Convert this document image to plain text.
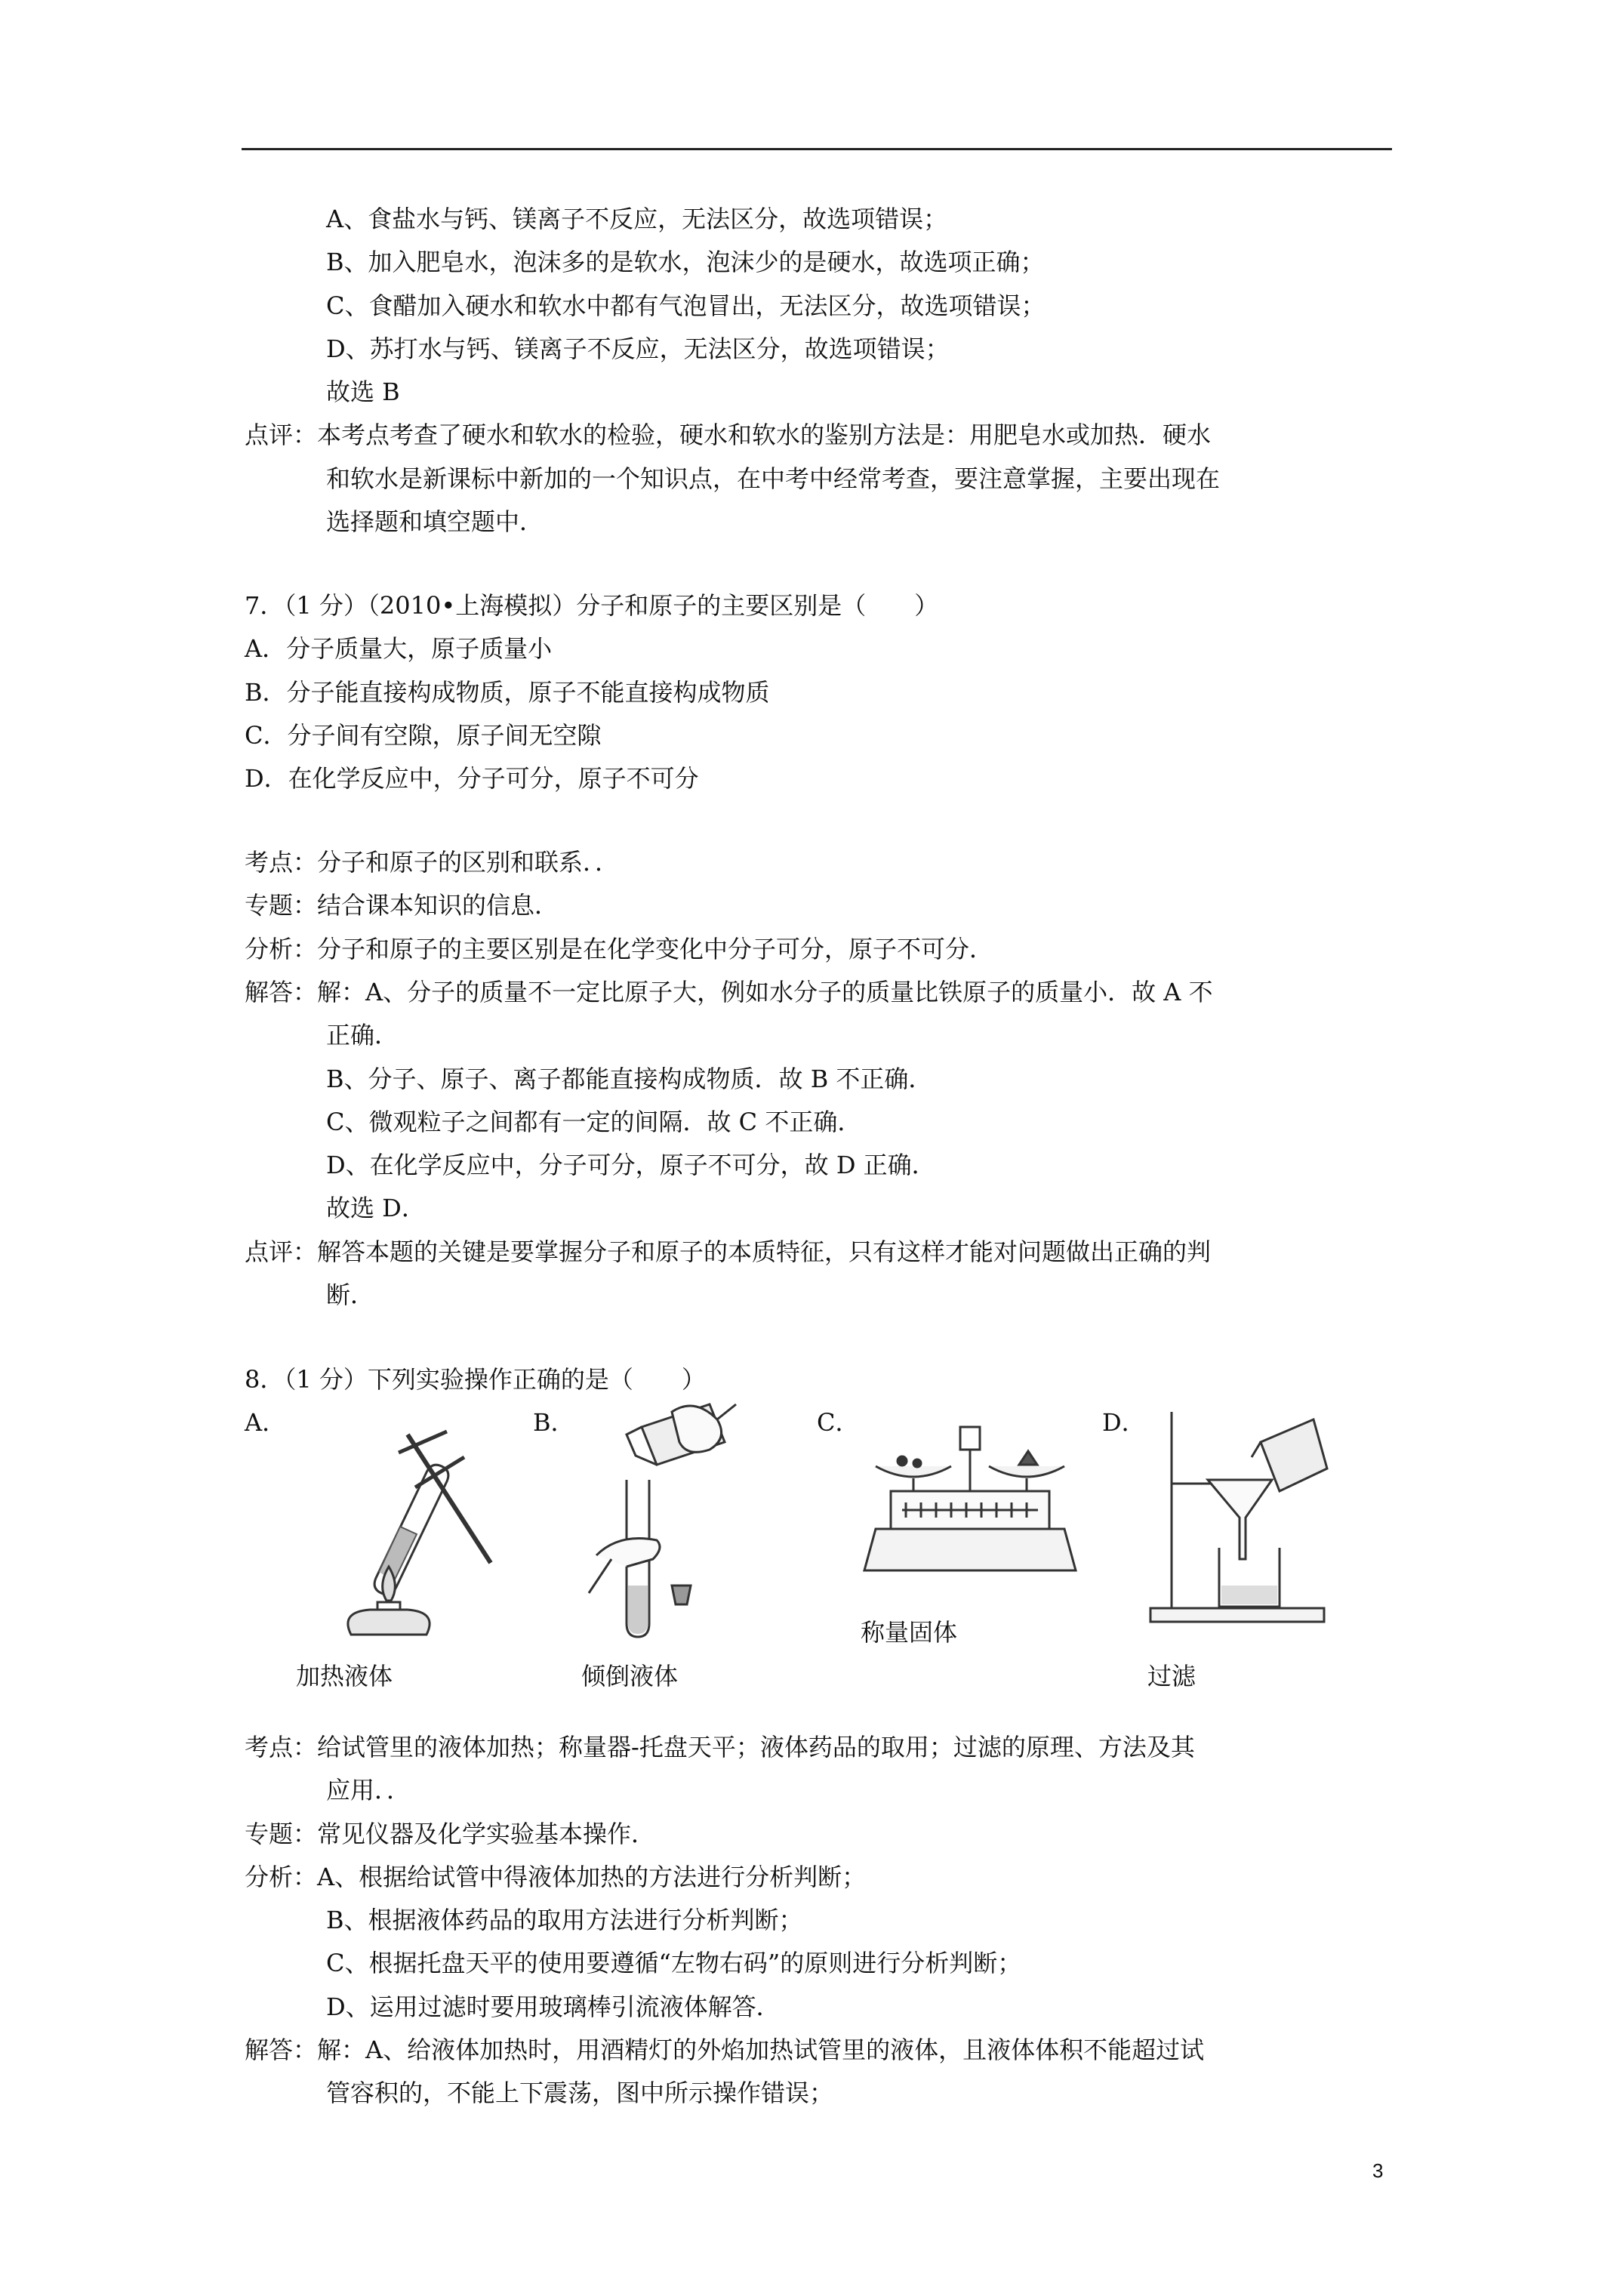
A、食盐水与钙、镁离子不反应，无法区分，故选项错误；
B、加入肥皂水，泡沫多的是软水，泡沫少的是硬水，故选项正确；
C、食醋加入硬水和软水中都有气泡冒出，无法区分，故选项错误；
D、苏打水与钙、镁离子不反应，无法区分，故选项错误；
故选 B
点评：本考点考查了硬水和软水的检验，硬水和软水的鉴别方法是：用肥皂水或加热．硬水
和软水是新课标中新加的一个知识点，在中考中经常考查，要注意掌握，主要出现在
选择题和填空题中．
7．（1 分）（2010•上海模拟）分子和原子的主要区别是（　　）
A．分子质量大，原子质量小
B．分子能直接构成物质，原子不能直接构成物质
C．分子间有空隙，原子间无空隙
D．在化学反应中，分子可分，原子不可分
考点：分子和原子的区别和联系．．
专题：结合课本知识的信息．
分析：分子和原子的主要区别是在化学变化中分子可分，原子不可分．
解答：解：A、分子的质量不一定比原子大，例如水分子的质量比铁原子的质量小．故 A 不
正确．
B、分子、原子、离子都能直接构成物质．故 B 不正确．
C、微观粒子之间都有一定的间隔．故 C 不正确．
D、在化学反应中，分子可分，原子不可分，故 D 正确．
故选 D．
点评：解答本题的关键是要掌握分子和原子的本质特征，只有这样才能对问题做出正确的判
断．
8．（1 分）下列实验操作正确的是（　　）
A．	B．	C．	D．
加热液体	倾倒液体
称量固体
过滤
考点：给试管里的液体加热；称量器-托盘天平；液体药品的取用；过滤的原理、方法及其
应用．．
专题：常见仪器及化学实验基本操作．
分析：A、根据给试管中得液体加热的方法进行分析判断；
B、根据液体药品的取用方法进行分析判断；
C、根据托盘天平的使用要遵循“左物右码”的原则进行分析判断；
D、运用过滤时要用玻璃棒引流液体解答．
解答：解：A、给液体加热时，用酒精灯的外焰加热试管里的液体，且液体体积不能超过试
管容积的，不能上下震荡，图中所示操作错误；
3
